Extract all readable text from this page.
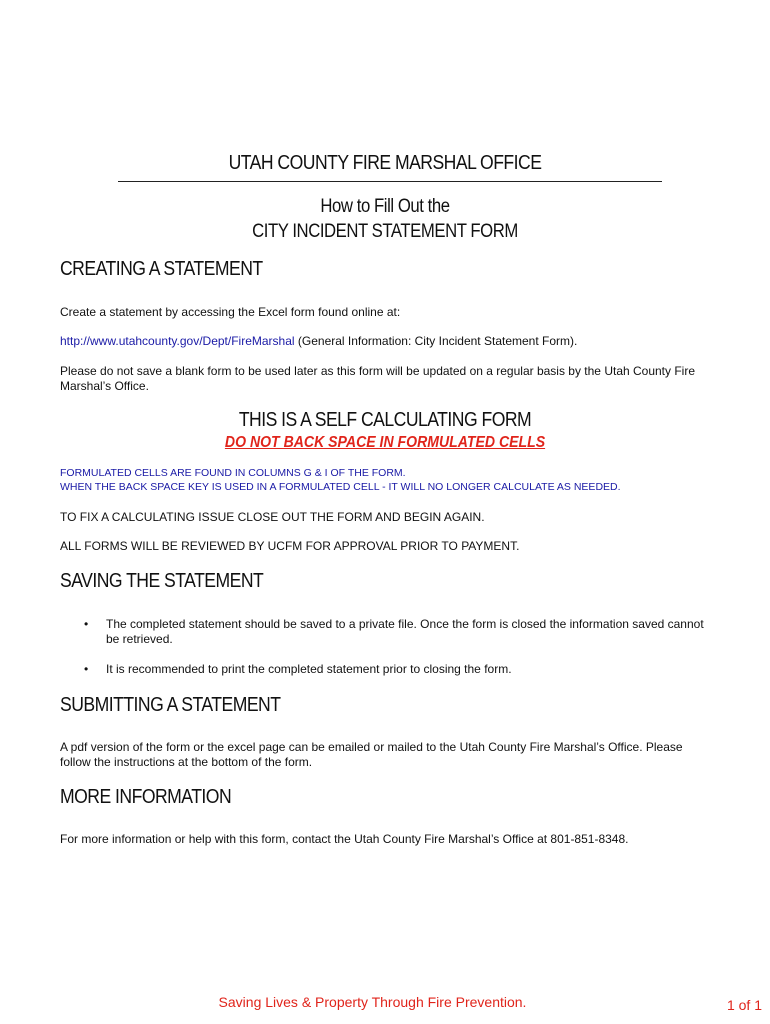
UTAH COUNTY FIRE MARSHAL OFFICE
How to Fill Out the
CITY INCIDENT STATEMENT FORM
CREATING A STATEMENT

Create a statement by accessing the Excel form found online at:

http://www.utahcounty.gov/Dept/FireMarshal (General Information: City Incident Statement Form).

Please do not save a blank form to be used later as this form will be updated on a regular basis by the Utah County Fire Marshal’s Office.

THIS IS A SELF CALCULATING FORM
DO NOT BACK SPACE IN FORMULATED CELLS
FORMULATED CELLS ARE FOUND IN COLUMNS G & I OF THE FORM.
WHEN THE BACK SPACE KEY IS USED IN A FORMULATED CELL - IT WILL NO LONGER CALCULATE AS NEEDED.

TO FIX A CALCULATING ISSUE CLOSE OUT THE FORM AND BEGIN AGAIN.

ALL FORMS WILL BE REVIEWED BY UCFM FOR APPROVAL PRIOR TO PAYMENT.

SAVING THE STATEMENT
• The completed statement should be saved to a private file. Once the form is closed the information saved cannot be retrieved.
• It is recommended to print the completed statement prior to closing the form.
SUBMITTING A STATEMENT

A pdf version of the form or the excel page can be emailed or mailed to the Utah County Fire Marshal’s Office. Please follow the instructions at the bottom of the form.

MORE INFORMATION

For more information or help with this form, contact the Utah County Fire Marshal’s Office at 801-851-8348.

Saving Lives & Property Through Fire Prevention.	1 of 1
